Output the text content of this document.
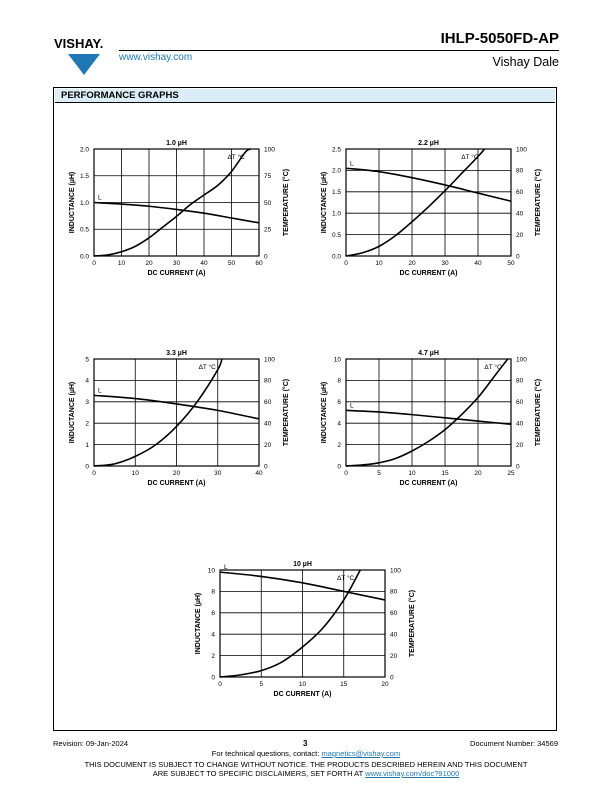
VISHAY.
www.vishay.com
IHLP-5050FD-AP
Vishay Dale
PERFORMANCE GRAPHS
1.0 µH
0	10	20	30	40	50	60
0.0
0.5
1.0
1.5
2.0
0
25
50
75
100
DC CURRENT (A)
INDUCTANCE (µH)	TEMPERATURE (°C)
L
ΔT °C
2.2 µH
0	10	20	30	40	50
0.0
0.5
1.0
1.5
2.0
2.5
0
20
40
60
80
100
DC CURRENT (A)
INDUCTANCE (µH)	TEMPERATURE (°C)
L
ΔT °C
3.3 µH
0	10	20	30	40
0
1
2
3
4
5
0
20
40
60
80
100
DC CURRENT (A)
INDUCTANCE (µH)	TEMPERATURE (°C)
L
ΔT °C
4.7 µH
0	5	10	15	20	25
0
2
4
6
8
10
0
20
40
60
80
100
DC CURRENT (A)
INDUCTANCE (µH)	TEMPERATURE (°C)
L
ΔT °C
10 µH
0	5	10	15	20
0
2
4
6
8
10
0
20
40
60
80
100
DC CURRENT (A)
INDUCTANCE (µH)	TEMPERATURE (°C)
L
ΔT °C
Revision: 09-Jan-2024	3	Document Number: 34569
For technical questions, contact: magnetics@vishay.com
THIS DOCUMENT IS SUBJECT TO CHANGE WITHOUT NOTICE. THE PRODUCTS DESCRIBED HEREIN AND THIS DOCUMENT
ARE SUBJECT TO SPECIFIC DISCLAIMERS, SET FORTH AT www.vishay.com/doc?91000
